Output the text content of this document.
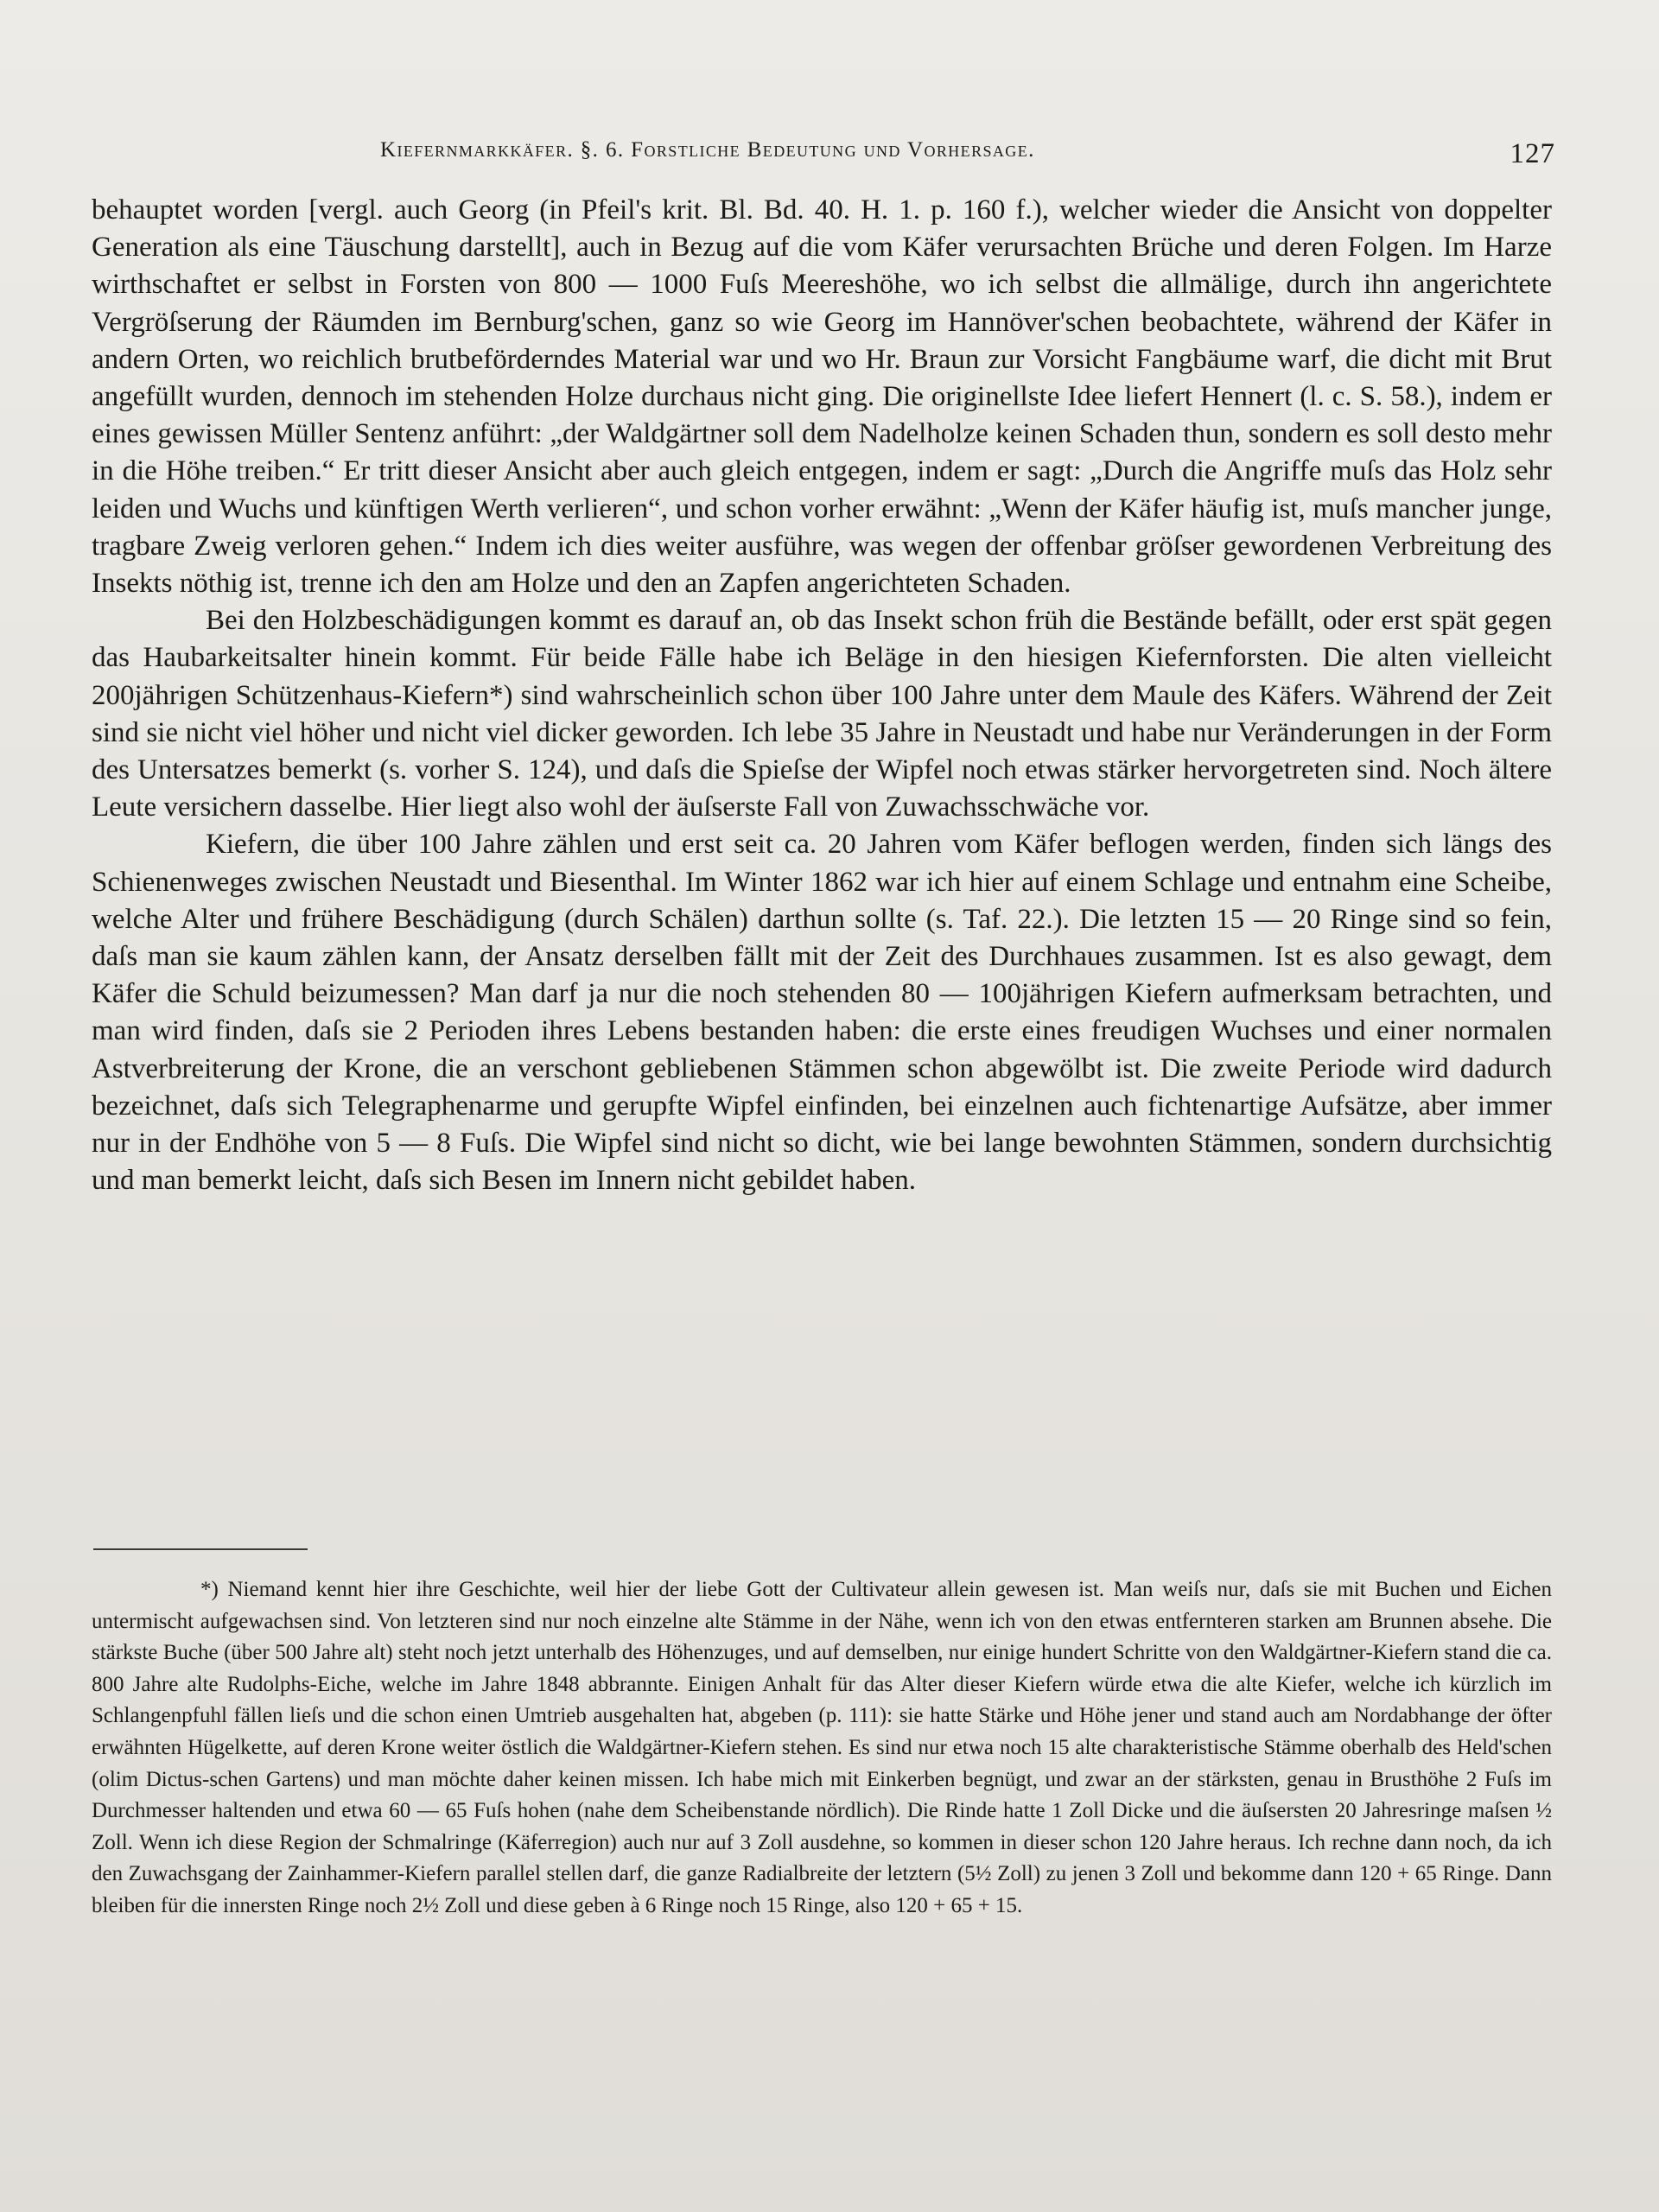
Kiefernmarkkäfer. §. 6. Forstliche Bedeutung und Vorhersage.	127

behauptet worden [vergl. auch Georg (in Pfeil's krit. Bl. Bd. 40. H. 1. p. 160 f.), welcher wieder die Ansicht von doppelter Generation als eine Täuschung darstellt], auch in Bezug auf die vom Käfer verursachten Brüche und deren Folgen. Im Harze wirthschaftet er selbst in Forsten von 800 — 1000 Fuſs Meereshöhe, wo ich selbst die allmälige, durch ihn angerichtete Vergröſserung der Räumden im Bernburg'schen, ganz so wie Georg im Hannöver'schen beobachtete, während der Käfer in andern Orten, wo reichlich brutbeförderndes Material war und wo Hr. Braun zur Vorsicht Fangbäume warf, die dicht mit Brut angefüllt wurden, dennoch im stehenden Holze durchaus nicht ging. Die originellste Idee liefert Hennert (l. c. S. 58.), indem er eines gewissen Müller Sentenz anführt: „der Waldgärtner soll dem Nadelholze keinen Schaden thun, sondern es soll desto mehr in die Höhe treiben.“ Er tritt dieser Ansicht aber auch gleich entgegen, indem er sagt: „Durch die Angriffe muſs das Holz sehr leiden und Wuchs und künftigen Werth verlieren“, und schon vorher erwähnt: „Wenn der Käfer häufig ist, muſs mancher junge, tragbare Zweig verloren gehen.“ Indem ich dies weiter ausführe, was wegen der offenbar gröſser gewordenen Verbreitung des Insekts nöthig ist, trenne ich den am Holze und den an Zapfen angerichteten Schaden.

Bei den Holzbeschädigungen kommt es darauf an, ob das Insekt schon früh die Bestände befällt, oder erst spät gegen das Haubarkeitsalter hinein kommt. Für beide Fälle habe ich Beläge in den hiesigen Kiefernforsten. Die alten vielleicht 200jährigen Schützenhaus-Kiefern*) sind wahrscheinlich schon über 100 Jahre unter dem Maule des Käfers. Während der Zeit sind sie nicht viel höher und nicht viel dicker geworden. Ich lebe 35 Jahre in Neustadt und habe nur Veränderungen in der Form des Untersatzes bemerkt (s. vorher S. 124), und daſs die Spieſse der Wipfel noch etwas stärker hervorgetreten sind. Noch ältere Leute versichern dasselbe. Hier liegt also wohl der äuſserste Fall von Zuwachsschwäche vor.

Kiefern, die über 100 Jahre zählen und erst seit ca. 20 Jahren vom Käfer beflogen werden, finden sich längs des Schienenweges zwischen Neustadt und Biesenthal. Im Winter 1862 war ich hier auf einem Schlage und entnahm eine Scheibe, welche Alter und frühere Beschädigung (durch Schälen) darthun sollte (s. Taf. 22.). Die letzten 15 — 20 Ringe sind so fein, daſs man sie kaum zählen kann, der Ansatz derselben fällt mit der Zeit des Durchhaues zusammen. Ist es also gewagt, dem Käfer die Schuld beizumessen? Man darf ja nur die noch stehenden 80 — 100jährigen Kiefern aufmerksam betrachten, und man wird finden, daſs sie 2 Perioden ihres Lebens bestanden haben: die erste eines freudigen Wuchses und einer normalen Astverbreiterung der Krone, die an verschont gebliebenen Stämmen schon abgewölbt ist. Die zweite Periode wird dadurch bezeichnet, daſs sich Telegraphenarme und gerupfte Wipfel einfinden, bei einzelnen auch fichtenartige Aufsätze, aber immer nur in der Endhöhe von 5 — 8 Fuſs. Die Wipfel sind nicht so dicht, wie bei lange bewohnten Stämmen, sondern durchsichtig und man bemerkt leicht, daſs sich Besen im Innern nicht gebildet haben.

*) Niemand kennt hier ihre Geschichte, weil hier der liebe Gott der Cultivateur allein gewesen ist. Man weiſs nur, daſs sie mit Buchen und Eichen untermischt aufgewachsen sind. Von letzteren sind nur noch einzelne alte Stämme in der Nähe, wenn ich von den etwas entfernteren starken am Brunnen absehe. Die stärkste Buche (über 500 Jahre alt) steht noch jetzt unterhalb des Höhenzuges, und auf demselben, nur einige hundert Schritte von den Waldgärtner-Kiefern stand die ca. 800 Jahre alte Rudolphs-Eiche, welche im Jahre 1848 abbrannte. Einigen Anhalt für das Alter dieser Kiefern würde etwa die alte Kiefer, welche ich kürzlich im Schlangenpfuhl fällen lieſs und die schon einen Umtrieb ausgehalten hat, abgeben (p. 111): sie hatte Stärke und Höhe jener und stand auch am Nordabhange der öfter erwähnten Hügelkette, auf deren Krone weiter östlich die Waldgärtner-Kiefern stehen. Es sind nur etwa noch 15 alte charakteristische Stämme oberhalb des Held'schen (olim Dictus-schen Gartens) und man möchte daher keinen missen. Ich habe mich mit Einkerben begnügt, und zwar an der stärksten, genau in Brusthöhe 2 Fuſs im Durchmesser haltenden und etwa 60 — 65 Fuſs hohen (nahe dem Scheibenstande nördlich). Die Rinde hatte 1 Zoll Dicke und die äuſsersten 20 Jahresringe maſsen ½ Zoll. Wenn ich diese Region der Schmalringe (Käferregion) auch nur auf 3 Zoll ausdehne, so kommen in dieser schon 120 Jahre heraus. Ich rechne dann noch, da ich den Zuwachsgang der Zainhammer-Kiefern parallel stellen darf, die ganze Radialbreite der letztern (5½ Zoll) zu jenen 3 Zoll und bekomme dann 120 + 65 Ringe. Dann bleiben für die innersten Ringe noch 2½ Zoll und diese geben à 6 Ringe noch 15 Ringe, also 120 + 65 + 15.
